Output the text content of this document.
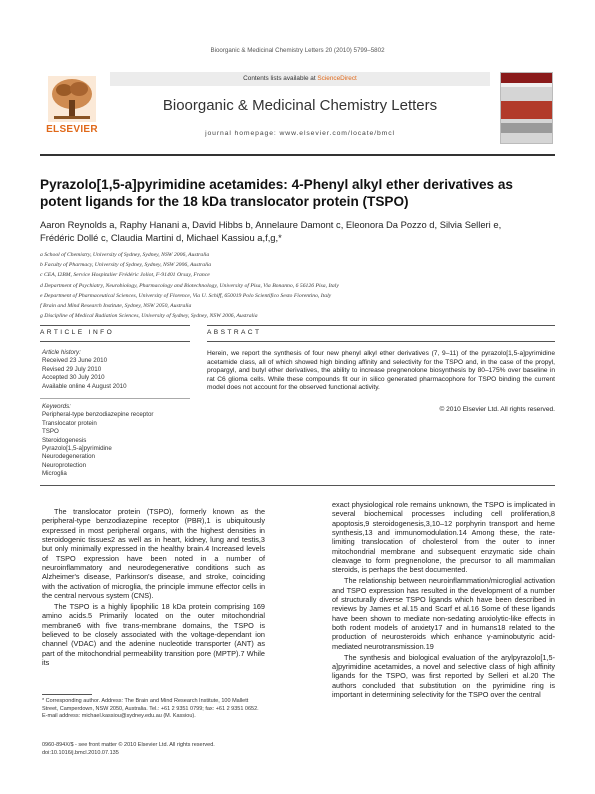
Bioorganic & Medicinal Chemistry Letters 20 (2010) 5799–5802
ELSEVIER
Contents lists available at ScienceDirect
Bioorganic & Medicinal Chemistry Letters
journal homepage: www.elsevier.com/locate/bmcl
Pyrazolo[1,5-a]pyrimidine acetamides: 4-Phenyl alkyl ether derivatives as
potent ligands for the 18 kDa translocator protein (TSPO)
Aaron Reynolds a, Raphy Hanani a, David Hibbs b, Annelaure Damont c, Eleonora Da Pozzo d, Silvia Selleri e,
Frédéric Dollé c, Claudia Martini d, Michael Kassiou a,f,g,*
a School of Chemistry, University of Sydney, Sydney, NSW 2006, Australia
b Faculty of Pharmacy, University of Sydney, Sydney, NSW 2006, Australia
c CEA, I2BM, Service Hospitalier Frédéric Joliot, F-91401 Orsay, France
d Department of Psychiatry, Neurobiology, Pharmacology and Biotechnology, University of Pisa, Via Bonanno, 6 56126 Pisa, Italy
e Department of Pharmaceutical Sciences, University of Florence, Via U. Schiff, 650019 Polo Scientifico Sesto Fiorentino, Italy
f Brain and Mind Research Institute, Sydney, NSW 2050, Australia
g Discipline of Medical Radiation Sciences, University of Sydney, Sydney, NSW 2006, Australia
ARTICLE INFO	ABSTRACT
Article history:
Received 23 June 2010
Revised 29 July 2010
Accepted 30 July 2010
Available online 4 August 2010
Keywords:
Peripheral-type benzodiazepine receptor
Translocator protein
TSPO
Steroidogenesis
Pyrazolo[1,5-a]pyrimidine
Neurodegeneration
Neuroprotection
Microglia
Herein, we report the synthesis of four new phenyl alkyl ether derivatives (7, 9–11) of the pyrazolo[1,5-a]pyrimidine acetamide class, all of which showed high binding affinity and selectivity for the TSPO and, in the case of the propyl, propargyl, and butyl ether derivatives, the ability to increase pregnenolone biosynthesis by 80–175% over baseline in rat C6 glioma cells. While these compounds fit our in silico generated pharmacophore for TSPO binding the current model does not account for the observed functional activity.
© 2010 Elsevier Ltd. All rights reserved.

The translocator protein (TSPO), formerly known as the peripheral-type benzodiazepine receptor (PBR),1 is ubiquitously expressed in most peripheral organs, with the highest densities in steroidogenic tissues2 as well as in heart, kidney, lung and testis,3 but only minimally expressed in the healthy brain.4 Increased levels of TSPO expression have been noted in a number of neuroinflammatory and neurodegenerative conditions such as Alzheimer's disease, Parkinson's disease, and stroke, coinciding with the activation of microglia, the principle immune effector cells in the central nervous system (CNS).

The TSPO is a highly lipophilic 18 kDa protein comprising 169 amino acids.5 Primarily located on the outer mitochondrial membrane6 with five trans-membrane domains, the TSPO is believed to be closely associated with the voltage-dependant ion channel (VDAC) and the adenine nucleotide transporter (ANT) as part of the mitochondrial permeability transition pore (MPTP).7 While its

exact physiological role remains unknown, the TSPO is implicated in several biochemical processes including cell proliferation,8 apoptosis,9 steroidogenesis,3,10–12 porphyrin transport and heme synthesis,13 and immunomodulation.14 Among these, the rate-limiting translocation of cholesterol from the outer to inner mitochondrial membrane and subsequent enzymatic side chain cleavage to form pregnenolone, the precursor to all mammalian steroids, is perhaps the best documented.

The relationship between neuroinflammation/microglial activation and TSPO expression has resulted in the development of a number of structurally diverse TSPO ligands which have been described in reviews by James et al.15 and Scarf et al.16 Some of these ligands have been shown to mediate non-sedating anxiolytic-like effects in both rodent models of anxiety17 and in humans18 related to the production of neurosteroids which enhance γ-aminobutyric acid-mediated neurotransmission.19

The synthesis and biological evaluation of the arylpyrazolo[1,5-a]pyrimidine acetamides, a novel and selective class of high affinity ligands for the TSPO, was first reported by Selleri et al.20 The authors concluded that substitution on the pyrimidine ring is important in determining selectivity for the TSPO over the central

* Corresponding author. Address: The Brain and Mind Research Institute, 100 Mallett Street, Camperdown, NSW 2050, Australia. Tel.: +61 2 9351 0799; fax: +61 2 9351 0652.
E-mail address: michael.kassiou@sydney.edu.au (M. Kassiou).
0960-894X/$ - see front matter © 2010 Elsevier Ltd. All rights reserved.
doi:10.1016/j.bmcl.2010.07.135
